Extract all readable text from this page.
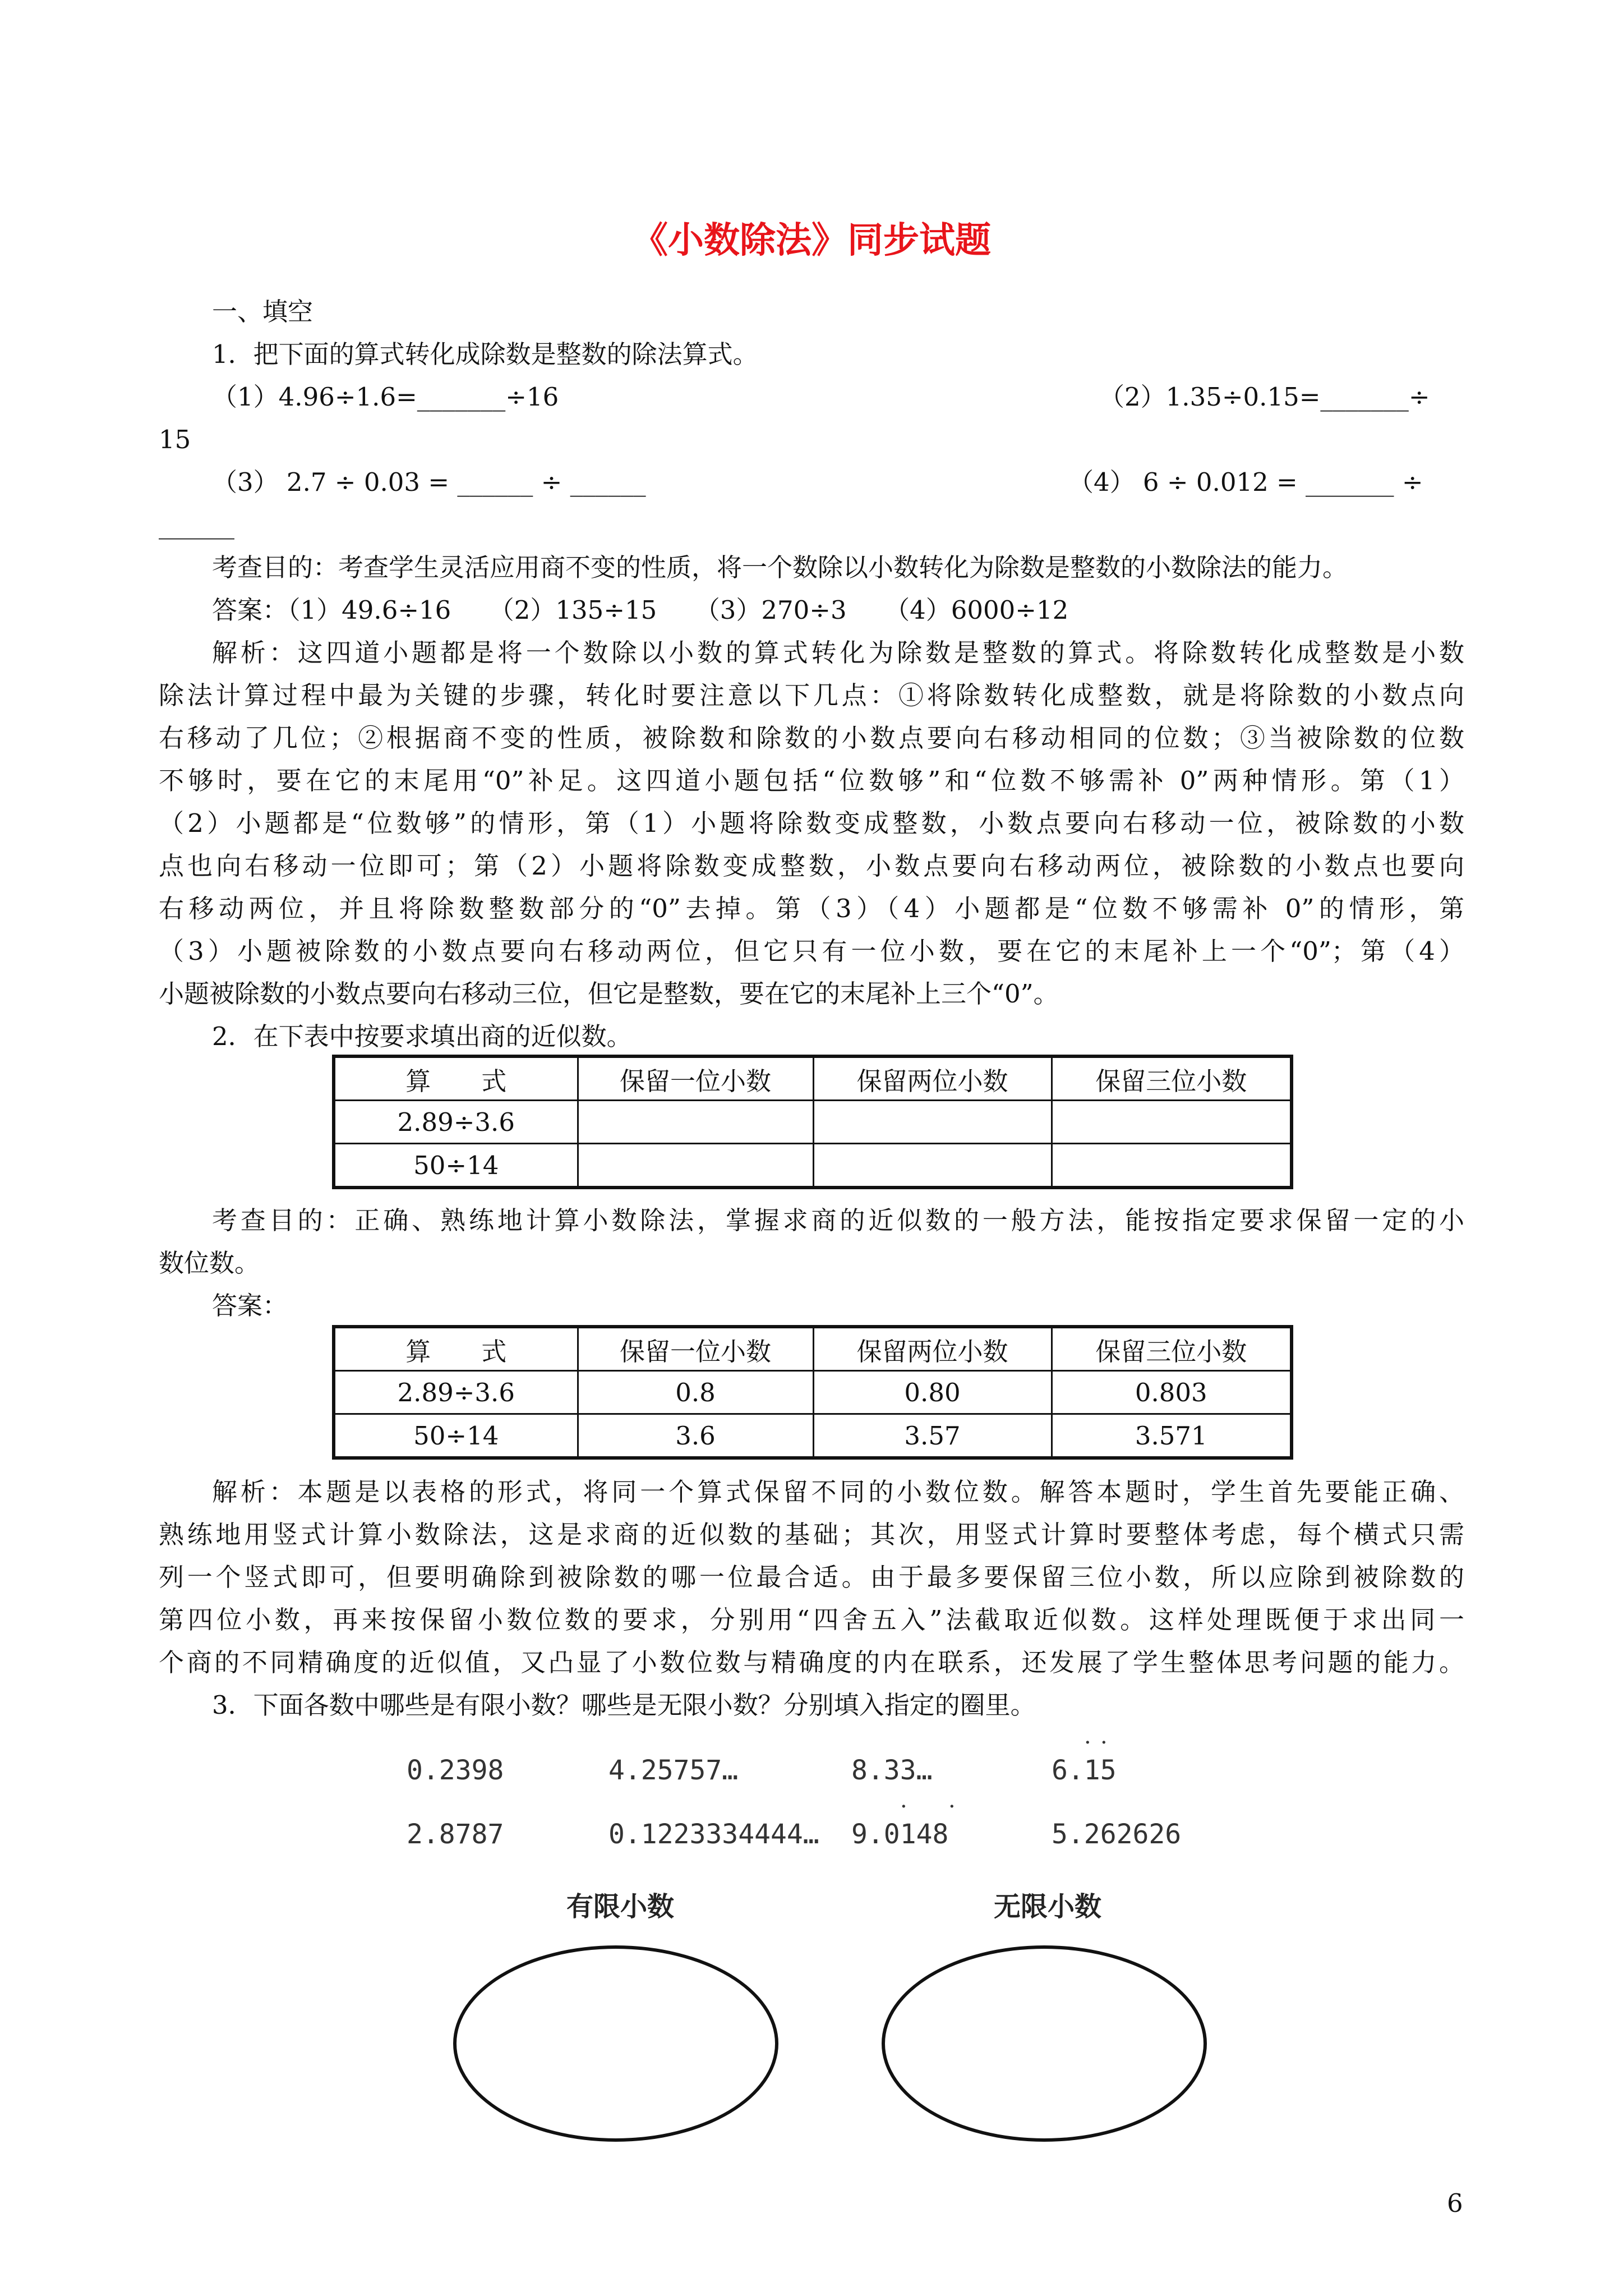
《小数除法》同步试题
一、填空
1．把下面的算式转化成除数是整数的除法算式。
（1）4.96÷1.6=_______÷16	（2）1.35÷0.15=_______÷
15
（3） 2.7 ÷ 0.03 = ______ ÷ ______	（4） 6 ÷ 0.012 = _______ ÷
______
考查目的：考查学生灵活应用商不变的性质，将一个数除以小数转化为除数是整数的小数除法的能力。
答案：（1）49.6÷16　　（2）135÷15　　（3）270÷3　　（4）6000÷12
解析：这四道小题都是将一个数除以小数的算式转化为除数是整数的算式。将除数转化成整数是小数
除法计算过程中最为关键的步骤，转化时要注意以下几点：①将除数转化成整数，就是将除数的小数点向
右移动了几位；②根据商不变的性质，被除数和除数的小数点要向右移动相同的位数；③当被除数的位数
不够时，要在它的末尾用“0”补足。这四道小题包括“位数够”和“位数不够需补 0”两种情形。第（1）
（2）小题都是“位数够”的情形，第（1）小题将除数变成整数，小数点要向右移动一位，被除数的小数
点也向右移动一位即可；第（2）小题将除数变成整数，小数点要向右移动两位，被除数的小数点也要向
右移动两位，并且将除数整数部分的“0”去掉。第（3）（4）小题都是“位数不够需补 0”的情形，第
（3）小题被除数的小数点要向右移动两位，但它只有一位小数，要在它的末尾补上一个“0”；第（4）
小题被除数的小数点要向右移动三位，但它是整数，要在它的末尾补上三个“0”。
2．在下表中按要求填出商的近似数。
算　　式	保留一位小数	保留两位小数	保留三位小数
2.89÷3.6			
50÷14			
考查目的：正确、熟练地计算小数除法，掌握求商的近似数的一般方法，能按指定要求保留一定的小
数位数。
答案：
算　　式	保留一位小数	保留两位小数	保留三位小数
2.89÷3.6	0.8	0.80	0.803
50÷14	3.6	3.57	3.571
解析：本题是以表格的形式，将同一个算式保留不同的小数位数。解答本题时，学生首先要能正确、
熟练地用竖式计算小数除法，这是求商的近似数的基础；其次，用竖式计算时要整体考虑，每个横式只需
列一个竖式即可，但要明确除到被除数的哪一位最合适。由于最多要保留三位小数，所以应除到被除数的
第四位小数，再来按保留小数位数的要求，分别用“四舍五入”法截取近似数。这样处理既便于求出同一
个商的不同精确度的近似值，又凸显了小数位数与精确度的内在联系，还发展了学生整体思考问题的能力。
3．下面各数中哪些是有限小数？哪些是无限小数？分别填入指定的圈里。
0.2398	4.25757…	8.33…	6.15
· ·
2.8787	0.1223334444… 9.0148	5.262626
· ·
有限小数	无限小数
6
